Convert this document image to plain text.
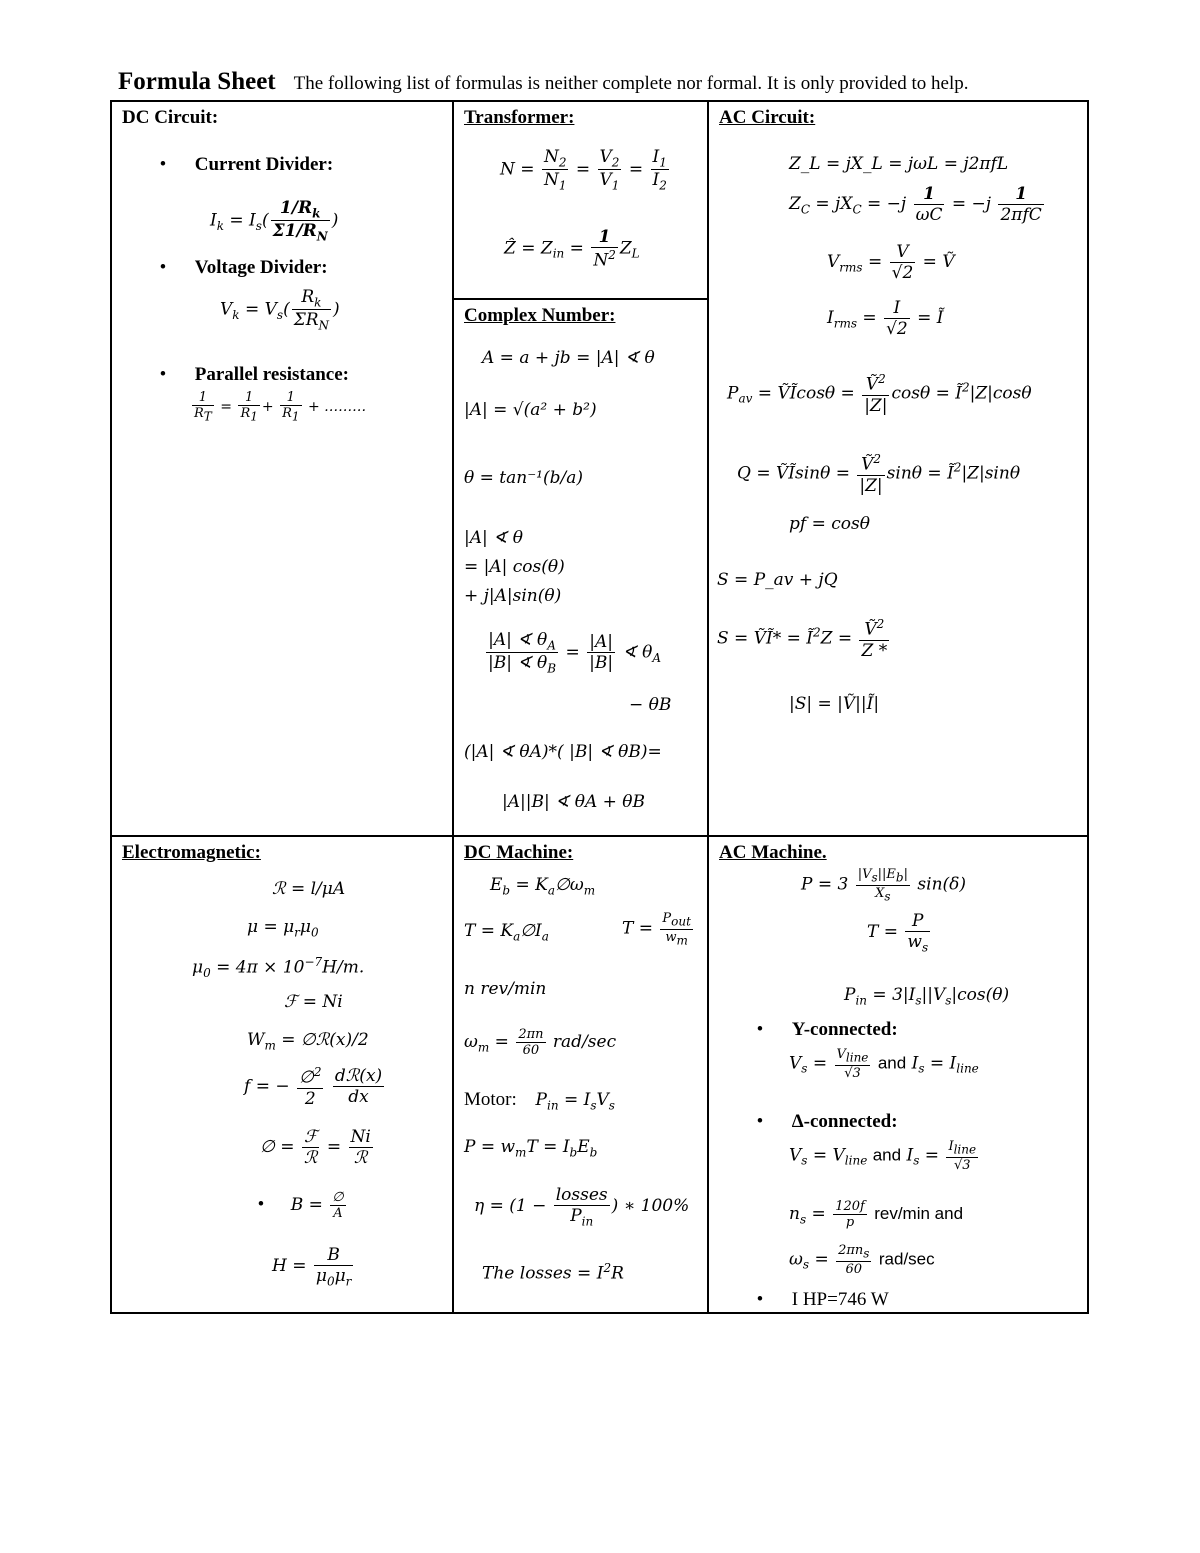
Formula Sheet The following list of formulas is neither complete nor formal. It is only provided to help.
DC Circuit:
• Current Divider:
$I_k = I_s( \frac{1/R_k}{\Sigma 1/R_N}$ )
• Voltage Divider:
$V_k = V_s( \frac{R_k}{\Sigma R_N}$ )
• Parallel resistance:
$\frac{1}{R_T} = \frac{1}{R_1} + \frac{1}{R_1}$ + ………
Transformer:
$N = \frac{N_2}{N_1} = \frac{V_2}{V_1} = \frac{I_1}{I_2}$
Ẑ = $Z_{in} = \frac{1}{N^2} Z_L$
Complex Number:
A = a + jb = |A| ∢ θ
|A| = √(a² + b²)
θ = tan⁻¹(b/a)
|A| ∢ θ
= |A| cos(θ)
+ j|A|sin(θ)
$\frac{|A| ∢ \theta_A}{|B| ∢ \theta_B} = \frac{|A|}{|B|}$ ∢ $\theta_A$
− θB
(|A| ∢ θA)*( |B| ∢ θB)=
|A||B| ∢ θA + θB
AC Circuit:
Z_L = jX_L = jωL = j2πfL
$Z_C = jX_C = -j \frac{1}{\omega C} = -j \frac{1}{\text{2πfC}}$
$V_{rms} = \frac{V}{√2}$ = Ṽ
$I_{rms} = \frac{I}{√2}$ = Ĩ
$P_{av}$ = ṼĨcosθ = $\frac{Ṽ^2}{|Z|}$ $\cos\theta = Ĩ^2|Z|\cos\theta$
Q = ṼĨsinθ = $\frac{Ṽ^2}{|Z|}$ $\sin\theta = Ĩ^2|Z|\sin\theta$
pf = cosθ
S = P_av + jQ
S = ṼĨ* = $Ĩ^2Z = \frac{Ṽ^2}{Z *}$
|S| = |Ṽ||Ĩ|
Electromagnetic:
ℛ = l/μA
$\mu = \mu_r\mu_0$
$\mu_0 = 4\pi \times 10^{-7}H/m$.
ℱ = Ni
$W_m$ = ∅ℛ(x)/2
f = − $\frac{\emptyset^2}{2}$
$\frac{\text{dℛ(x)}}{dx}$
∅ = $\frac{\text{ℱ}}{\text{ℛ}} = \frac{Ni}{\text{ℛ}}$
• $B = \frac{\emptyset}{A}$
$H = \frac{B}{\mu_0\mu_r}$
DC Machine:
$E_b$ = $K_a\emptyset\omega_m$
$T = K_a\emptyset I_a$	$T = \frac{P_{out}}{w_m}$
n rev/min
$\omega_m = \frac{2\pi n}{60} rad/\sec$
Motor: $P_{in} = I_sV_s$
$P = w_mT = I_bE_b$
$\eta = (1 - \frac{\text{losses}}{P_{in}}$ ) ∗ 100%
The losses = $I^2R$
AC Machine.
$P = 3 \frac{|V_s||E_b|}{X_s} \sin(\delta)$
$T = \frac{P}{w_s}$
$P_{in} = 3|I_s||V_s|\cos(\theta)$
• Y-connected:
$V_s = \frac{V_{line}}{√3}$ and $I_s = I_{line}$
• Δ-connected:
$V_s = V_{line}$ and $I_s = \frac{I_{line}}{√3}$
$n_s = \frac{120f}{p} rev/\min$ and
$\omega_s = \frac{2\pi n_s}{60} rad/\sec$
• I HP=746 W
